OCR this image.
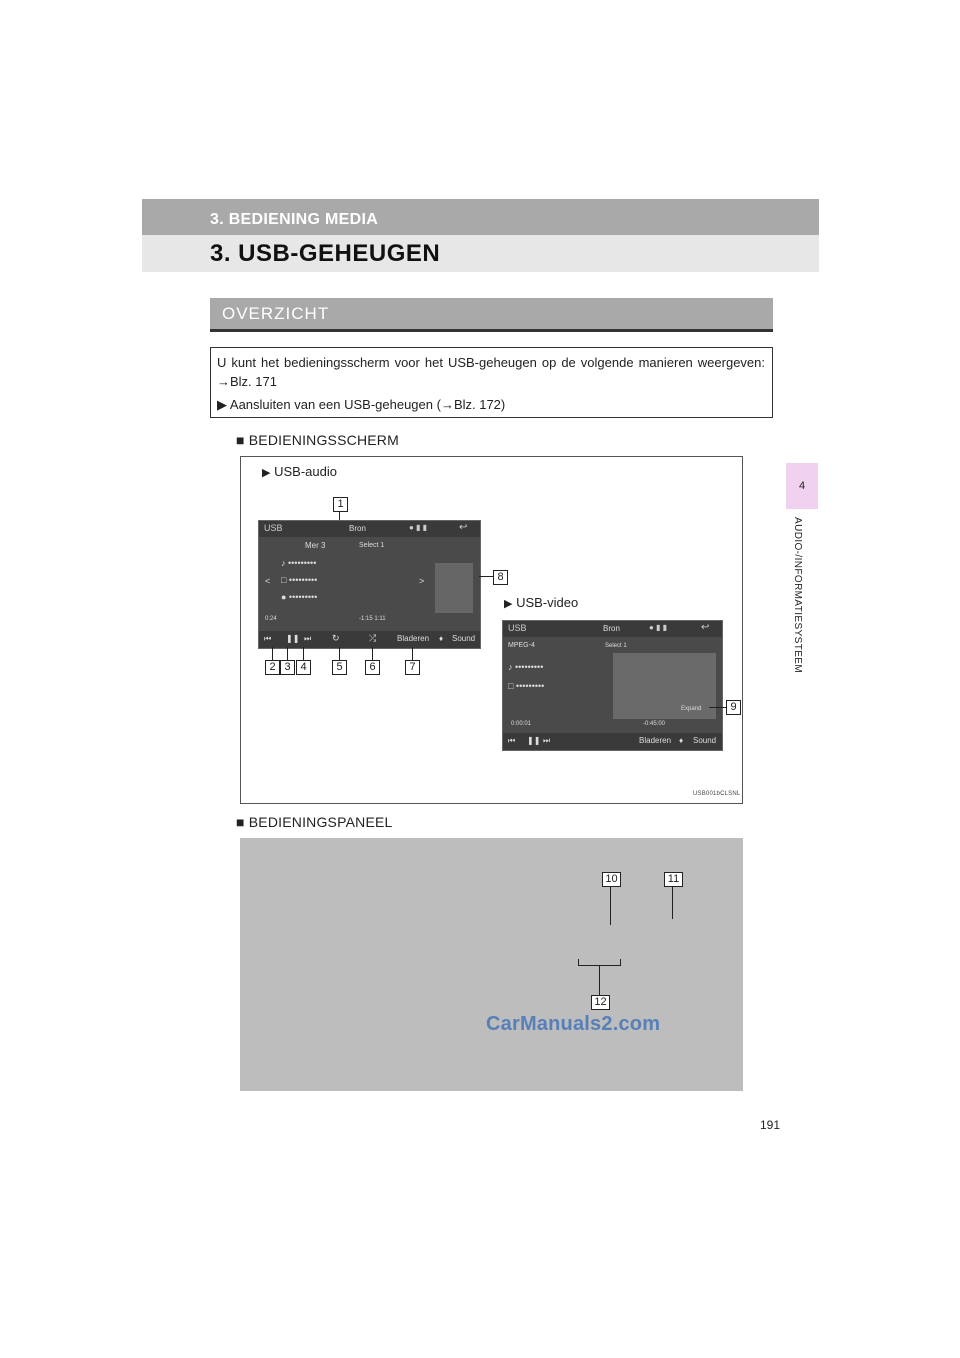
3. BEDIENING MEDIA
3. USB-GEHEUGEN
4
AUDIO-/INFORMATIESYSTEEM
OVERZICHT
U kunt het bedieningsscherm voor het USB-geheugen op de volgende manieren weergeven: →Blz. 171
▶ Aansluiten van een USB-geheugen (→Blz. 172)
■ BEDIENINGSSCHERM
▶ USB-audio
1
USB	Bron	● ▮ ▮	↩
Mer 3	Select 1
♪ •••••••••
< □ •••••••••	>
● •••••••••
0:24	-1:15 1:11
⏮ ❚❚ ⏭ ↻	⤮	Bladeren ♦ Sound
8
2 3 4	5	6	7
▶ USB-video
USB	Bron	● ▮ ▮	↩
MPEG-4	Select 1
♪ •••••••••
□ •••••••••
Expand
0:00:01	-0:45:00
⏮ ❚❚ ⏭	Bladeren ♦ Sound
9
USB001bCLSNL
■ BEDIENINGSPANEEL
10	11
12
CarManuals2.com
191
